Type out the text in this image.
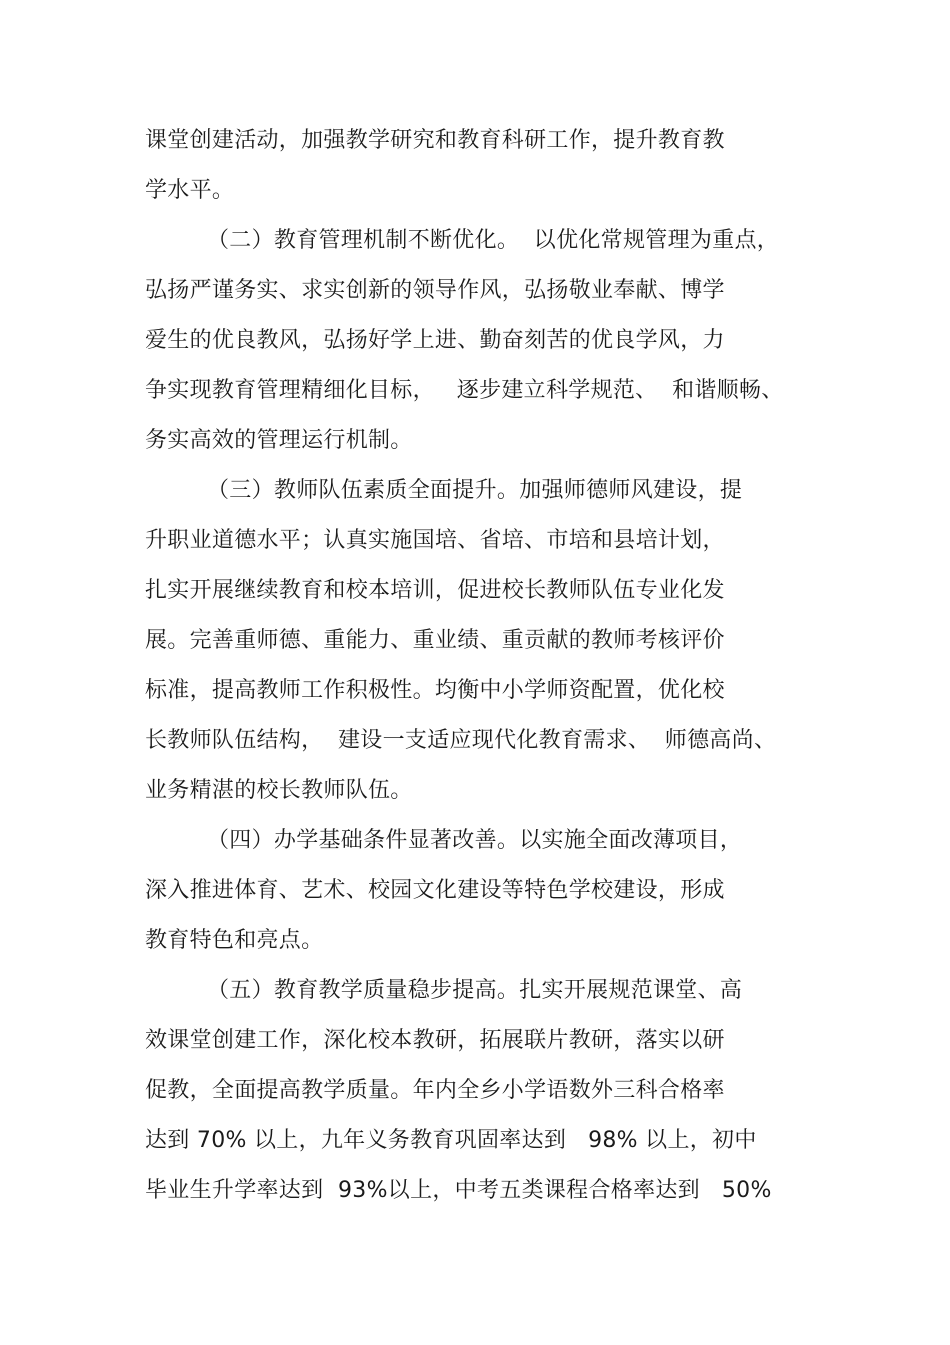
课堂创建活动，加强教学研究和教育科研工作，提升教育教
学水平。
（二）教育管理机制不断优化。  以优化常规管理为重点，
弘扬严谨务实、求实创新的领导作风，弘扬敬业奉献、博学
爱生的优良教风，弘扬好学上进、勤奋刻苦的优良学风，力
争实现教育管理精细化目标，   逐步建立科学规范、  和谐顺畅、
务实高效的管理运行机制。
（三）教师队伍素质全面提升。加强师德师风建设，提
升职业道德水平；认真实施国培、省培、市培和县培计划，
扎实开展继续教育和校本培训，促进校长教师队伍专业化发
展。完善重师德、重能力、重业绩、重贡献的教师考核评价
标准，提高教师工作积极性。均衡中小学师资配置，优化校
长教师队伍结构，  建设一支适应现代化教育需求、  师德高尚、
业务精湛的校长教师队伍。
（四）办学基础条件显著改善。以实施全面改薄项目，
深入推进体育、艺术、校园文化建设等特色学校建设，形成
教育特色和亮点。
（五）教育教学质量稳步提高。扎实开展规范课堂、高
效课堂创建工作，深化校本教研，拓展联片教研，落实以研
促教，全面提高教学质量。年内全乡小学语数外三科合格率
达到 70% 以上，九年义务教育巩固率达到   98% 以上，初中
毕业生升学率达到  93%以上，中考五类课程合格率达到   50%
